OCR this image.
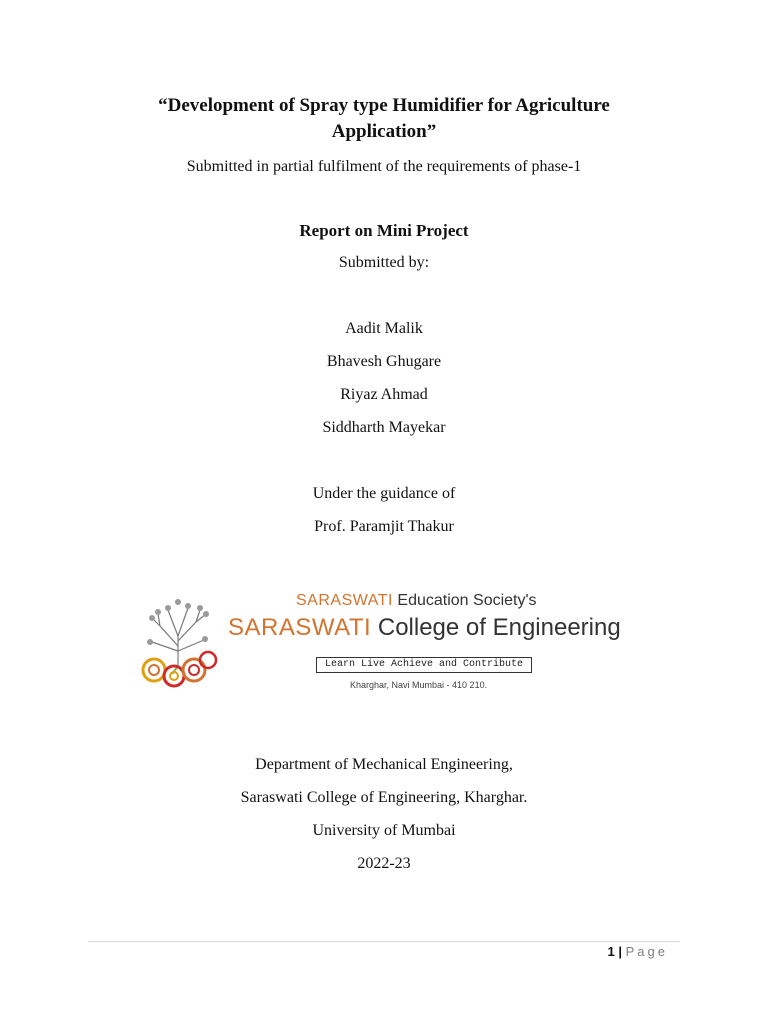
“Development of Spray type Humidifier for Agriculture
Application”
Submitted in partial fulfilment of the requirements of phase-1
Report on Mini Project
Submitted by:
Aadit Malik
Bhavesh Ghugare
Riyaz Ahmad
Siddharth Mayekar
Under the guidance of
Prof. Paramjit Thakur
SARASWATI Education Society's
SARASWATI College of Engineering
Learn Live Achieve and Contribute
Kharghar, Navi Mumbai - 410 210.
Department of Mechanical Engineering,
Saraswati College of Engineering, Kharghar.
University of Mumbai
2022-23
1 | Page
